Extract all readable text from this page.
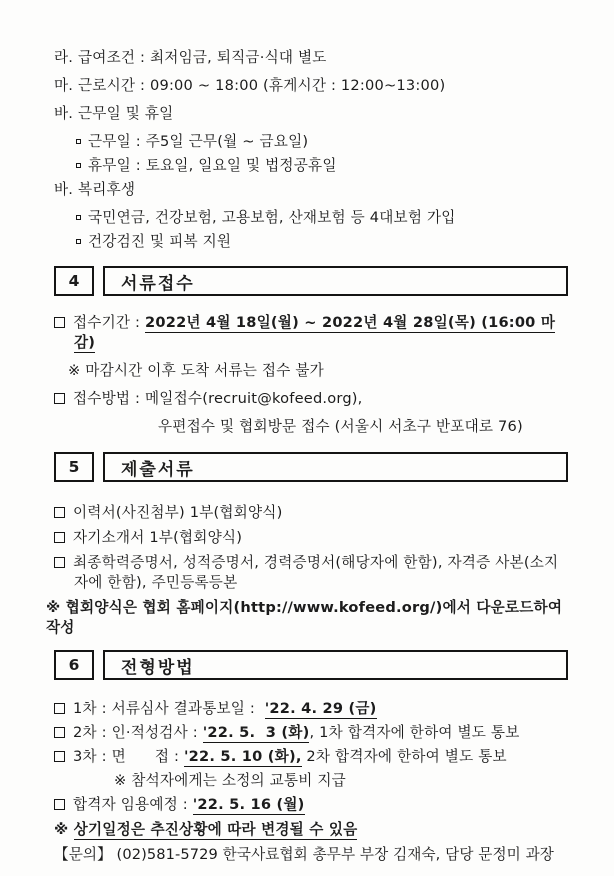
라. 급여조건 : 최저임금, 퇴직금·식대 별도
마. 근로시간 : 09:00 ~ 18:00 (휴게시간 : 12:00~13:00)
바. 근무일 및 휴일
근무일 : 주5일 근무(월 ~ 금요일)
휴무일 : 토요일, 일요일 및 법정공휴일
바. 복리후생
국민연금, 건강보험, 고용보험, 산재보험 등 4대보험 가입
건강검진 및 피복 지원
4 서류접수
접수기간 : 2022년 4월 18일(월) ~ 2022년 4월 28일(목) (16:00 마감)
※ 마감시간 이후 도착 서류는 접수 불가
접수방법 : 메일접수(recruit@kofeed.org),
우편접수 및 협회방문 접수 (서울시 서초구 반포대로 76)
5 제출서류
이력서(사진첨부) 1부(협회양식)
자기소개서 1부(협회양식)
최종학력증명서, 성적증명서, 경력증명서(해당자에 한함), 자격증 사본(소지자에 한함), 주민등록등본
※ 협회양식은 협회 홈페이지(http://www.kofeed.org/)에서 다운로드하여 작성
6 전형방법
1차 : 서류심사 결과통보일 :  '22. 4. 29 (금)
2차 : 인·적성검사 : '22. 5.  3 (화), 1차 합격자에 한하여 별도 통보
3차 : 면      접 : '22. 5. 10 (화), 2차 합격자에 한하여 별도 통보
※ 참석자에게는 소정의 교통비 지급
합격자 임용예정 : '22. 5. 16 (월)
※ 상기일정은 추진상황에 따라 변경될 수 있음
【문의】 (02)581-5729 한국사료협회 총무부 부장 김재숙, 담당 문정미 과장
